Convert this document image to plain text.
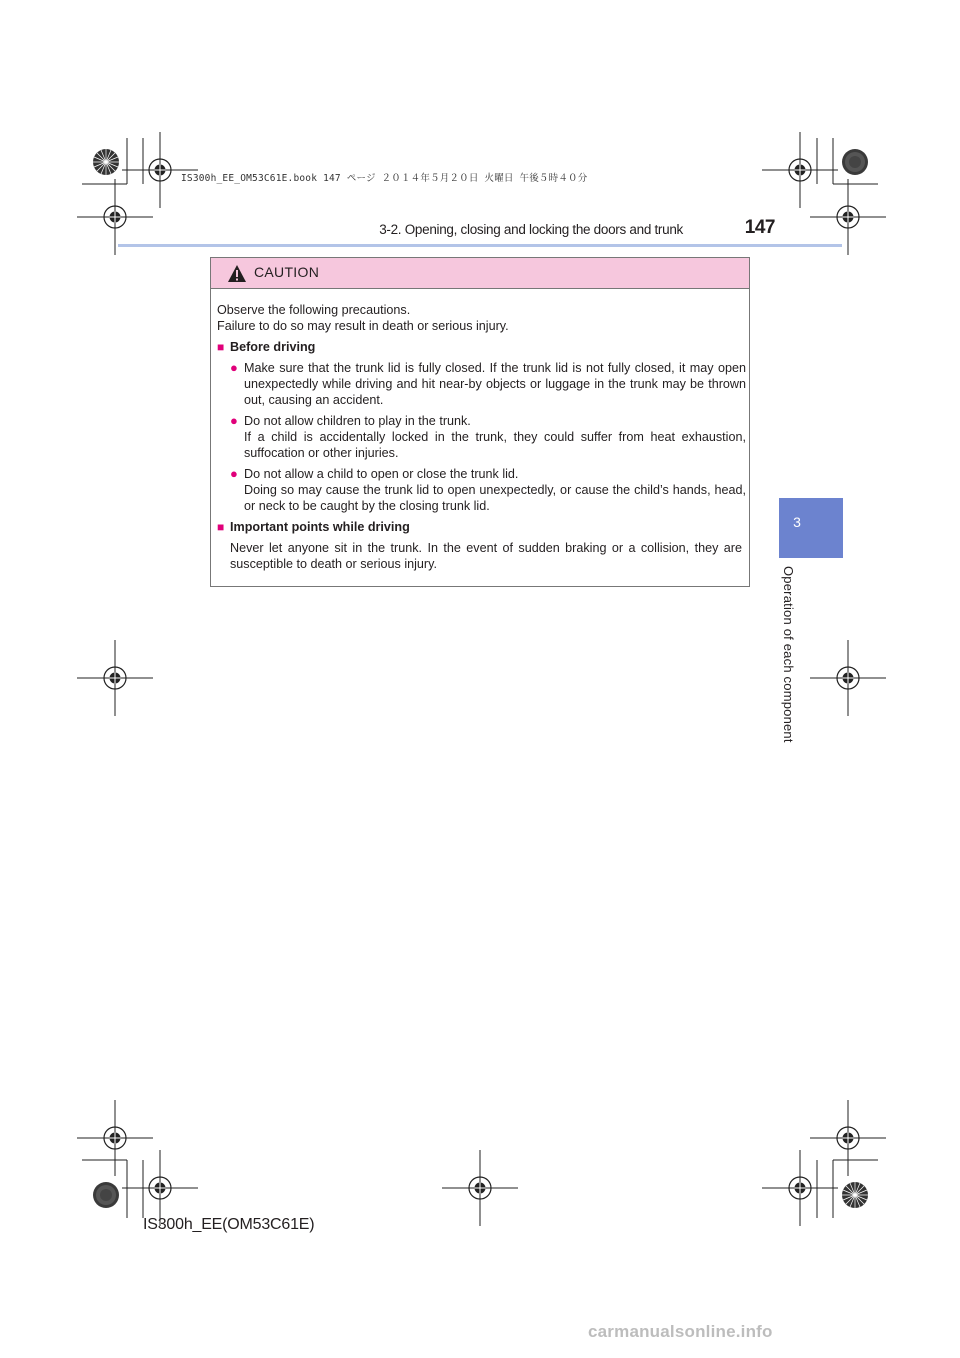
IS300h_EE_OM53C61E.book 147 ページ ２０１４年５月２０日 火曜日 午後５時４０分
3-2. Opening, closing and locking the doors and trunk	147
3
Operation of each component
CAUTION
Observe the following precautions.
Failure to do so may result in death or serious injury.
■ Before driving
● Make sure that the trunk lid is fully closed. If the trunk lid is not fully closed, it may open unexpectedly while driving and hit near-by objects or luggage in the trunk may be thrown out, causing an accident.
● Do not allow children to play in the trunk.
If a child is accidentally locked in the trunk, they could suffer from heat exhaustion, suffocation or other injuries.
● Do not allow a child to open or close the trunk lid.
Doing so may cause the trunk lid to open unexpectedly, or cause the child’s hands, head, or neck to be caught by the closing trunk lid.
■ Important points while driving
Never let anyone sit in the trunk. In the event of sudden braking or a collision, they are susceptible to death or serious injury.
IS300h_EE(OM53C61E)
carmanualsonline.info
